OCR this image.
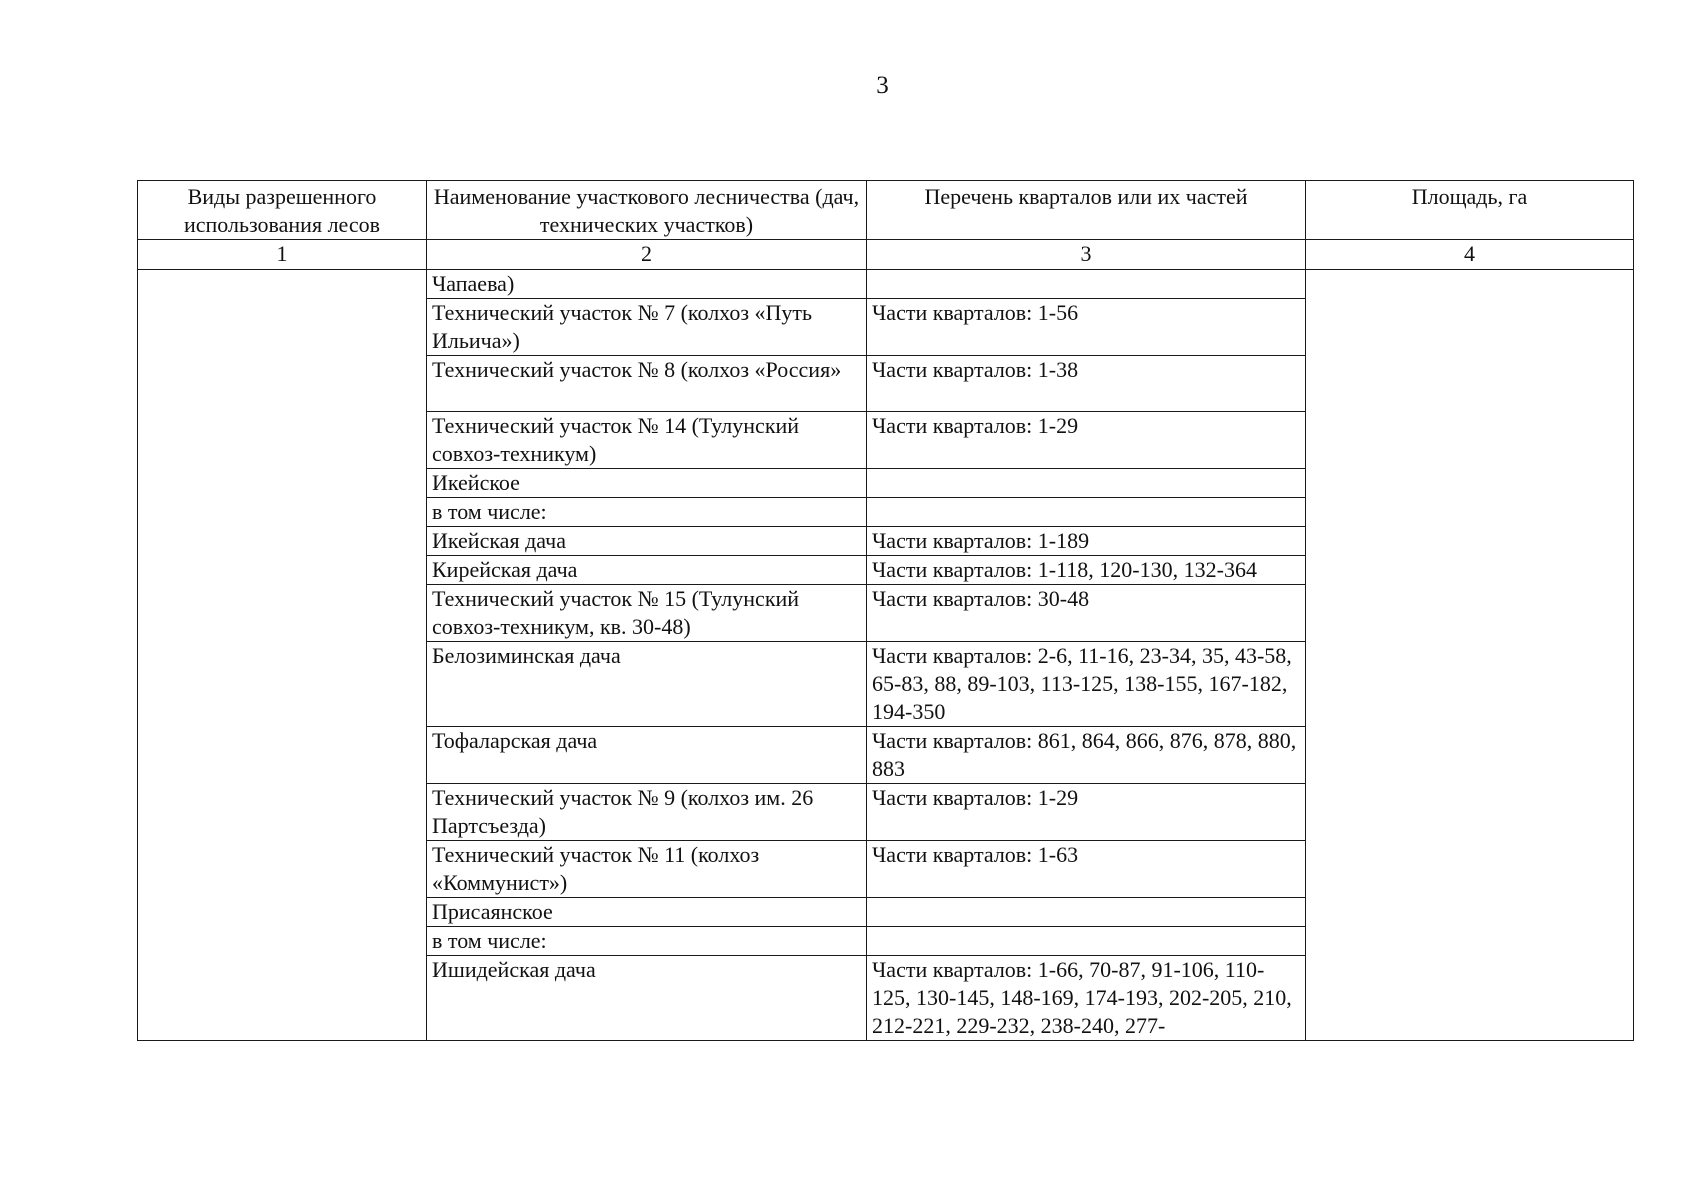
3
Виды разрешенного использования лесов	Наименование участкового лесничества (дач, технических участков)	Перечень кварталов или их частей	Площадь, га
1	2	3	4
	Чапаева)		
	Технический участок № 7 (колхоз «Путь Ильича»)	Части кварталов: 1-56	
	Технический участок № 8 (колхоз «Россия»	Части кварталов: 1-38	
	Технический участок № 14 (Тулунский совхоз-техникум)	Части кварталов: 1-29	
	Икейское		
	в том числе:		
	Икейская дача	Части кварталов: 1-189	
	Кирейская дача	Части кварталов: 1-118, 120-130, 132-364	
	Технический участок № 15 (Тулунский совхоз-техникум, кв. 30-48)	Части кварталов: 30-48	
	Белозиминская дача	Части кварталов: 2-6, 11-16, 23-34, 35, 43-58, 65-83, 88, 89-103, 113-125, 138-155, 167-182, 194-350	
	Тофаларская дача	Части кварталов: 861, 864, 866, 876, 878, 880, 883	
	Технический участок № 9 (колхоз им. 26 Партсъезда)	Части кварталов: 1-29	
	Технический участок № 11 (колхоз «Коммунист»)	Части кварталов: 1-63	
	Присаянское		
	в том числе:		
	Ишидейская дача	Части кварталов: 1-66, 70-87, 91-106, 110-125, 130-145, 148-169, 174-193, 202-205, 210, 212-221, 229-232, 238-240, 277-	
